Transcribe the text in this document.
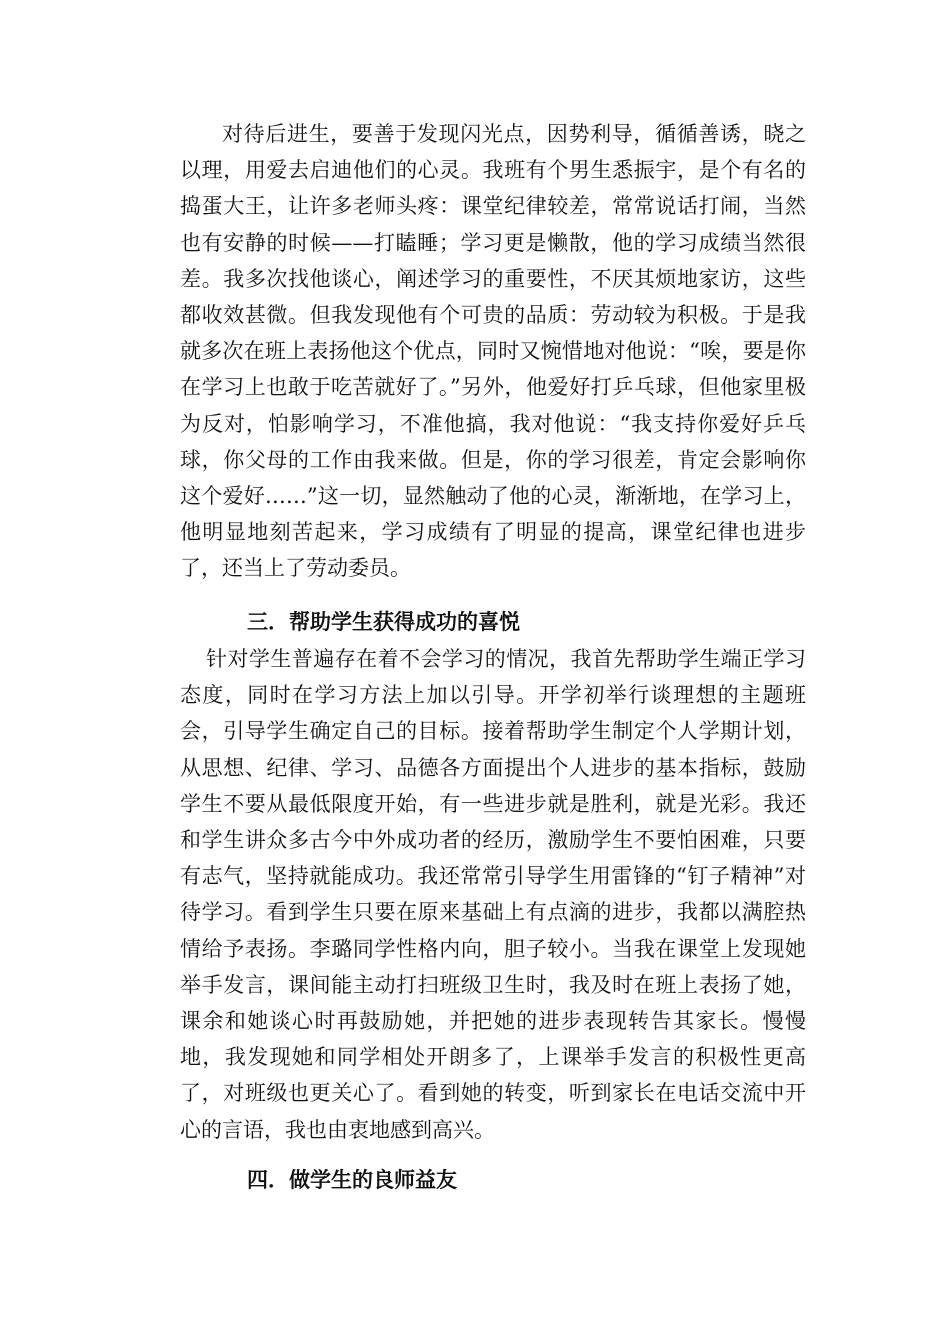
对待后进生，要善于发现闪光点，因势利导，循循善诱，晓之以理，用爱去启迪他们的心灵。我班有个男生悉振宇，是个有名的捣蛋大王，让许多老师头疼：课堂纪律较差，常常说话打闹，当然也有安静的时候——打瞌睡；学习更是懒散，他的学习成绩当然很差。我多次找他谈心，阐述学习的重要性，不厌其烦地家访，这些都收效甚微。但我发现他有个可贵的品质：劳动较为积极。于是我就多次在班上表扬他这个优点，同时又惋惜地对他说：“唉，要是你在学习上也敢于吃苦就好了。”另外，他爱好打乒乓球，但他家里极为反对，怕影响学习，不准他搞，我对他说：“我支持你爱好乒乓球，你父母的工作由我来做。但是，你的学习很差，肯定会影响你这个爱好……”这一切，显然触动了他的心灵，渐渐地，在学习上，他明显地刻苦起来，学习成绩有了明显的提高，课堂纪律也进步了，还当上了劳动委员。
三．帮助学生获得成功的喜悦
针对学生普遍存在着不会学习的情况，我首先帮助学生端正学习态度，同时在学习方法上加以引导。开学初举行谈理想的主题班会，引导学生确定自己的目标。接着帮助学生制定个人学期计划，从思想、纪律、学习、品德各方面提出个人进步的基本指标，鼓励学生不要从最低限度开始，有一些进步就是胜利，就是光彩。我还和学生讲众多古今中外成功者的经历，激励学生不要怕困难，只要有志气，坚持就能成功。我还常常引导学生用雷锋的“钉子精神”对待学习。看到学生只要在原来基础上有点滴的进步，我都以满腔热情给予表扬。李璐同学性格内向，胆子较小。当我在课堂上发现她举手发言，课间能主动打扫班级卫生时，我及时在班上表扬了她，课余和她谈心时再鼓励她，并把她的进步表现转告其家长。慢慢地，我发现她和同学相处开朗多了，上课举手发言的积极性更高了，对班级也更关心了。看到她的转变，听到家长在电话交流中开心的言语，我也由衷地感到高兴。
四．做学生的良师益友
